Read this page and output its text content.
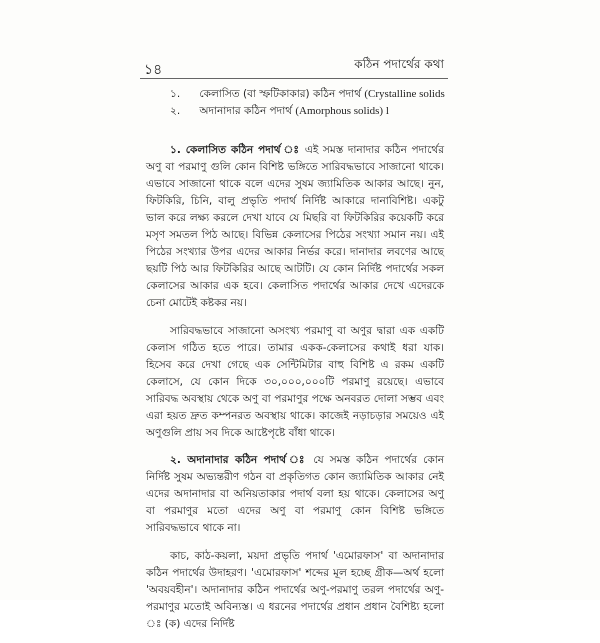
১৪	কঠিন পদার্থের কথা
১. কেলাসিত (বা স্ফটিকাকার) কঠিন পদার্থ (Crystalline solids
২. অদানাদার কঠিন পদার্থ (Amorphous solids) l

১. কেলাসিত কঠিন পদার্থ ঃ এই সমস্ত দানাদার কঠিন পদার্থের অণু বা পরমাণু গুলি কোন বিশিষ্ট ভঙ্গিতে সারিবদ্ধভাবে সাজানো থাকে। এভাবে সাজানো থাকে বলে এদের সুষম জ্যামিতিক আকার আছে। নুন, ফিটকিরি, চিনি, বালু প্রভৃতি পদার্থ নির্দিষ্ট আকারে দানাবিশিষ্ট। একটু ভাল করে লক্ষ্য করলে দেখা যাবে যে মিছরি বা ফিটকিরির কয়েকটি করে মসৃণ সমতল পিঠ আছে। বিভিন্ন কেলাসের পিঠের সংখ্যা সমান নয়। এই পিঠের সংখ্যার উপর এদের আকার নির্ভর করে। দানাদার লবণের আছে ছয়টি পিঠ আর ফিটকিরির আছে আটটি। যে কোন নির্দিষ্ট পদার্থের সকল কেলাসের আকার এক হবে। কেলাসিত পদার্থের আকার দেখে এদেরকে চেনা মোটেই কষ্টকর নয়।

সারিবদ্ধভাবে সাজানো অসংখ্য পরমাণু বা অণুর দ্বারা এক একটি কেলাস গঠিত হতে পারে। তামার একক-কেলাসের কথাই ধরা যাক। হিসেব করে দেখা গেছে এক সেন্টিমিটার বাহু বিশিষ্ট এ রকম একটি কেলাসে, যে কোন দিকে ৩০,০০০,০০০টি পরমাণু রয়েছে। এভাবে সারিবদ্ধ অবস্থায় থেকে অণু বা পরমাণুর পক্ষে অনবরত দোলা সম্ভব এবং এরা হয়ত দ্রুত কম্পনরত অবস্থায় থাকে। কাজেই নড়াচড়ার সময়েও এই অণুগুলি প্রায় সব দিকে আষ্টেপৃষ্টে বাঁধা থাকে।

২. অদানাদার কঠিন পদার্থ ঃ যে সমস্ত কঠিন পদার্থের কোন নির্দিষ্ট সুষম অভ্যন্তরীণ গঠন বা প্রকৃতিগত কোন জ্যামিতিক আকার নেই এদের অদানাদার বা অনিয়তাকার পদার্থ বলা হয় থাকে। কেলাসের অণু বা পরমাণুর মতো এদের অণু বা পরমাণু কোন বিশিষ্ট ভঙ্গিতে সারিবদ্ধভাবে থাকে না।

কাচ, কাঠ-কয়লা, ময়দা প্রভৃতি পদার্থ 'এমোরফাস' বা অদানাদার কঠিন পদার্থের উদাহরণ। 'এমোরফাস' শব্দের মূল হচ্ছে গ্রীক—অর্থ হলো 'অবয়বহীন'। অদানাদার কঠিন পদার্থের অণু-পরমাণু তরল পদার্থের অণু-পরমাণুর মতোই অবিন্যস্ত। এ ধরনের পদার্থের প্রধান প্রধান বৈশিষ্ট্য হলো ঃ (ক) এদের নির্দিষ্ট
